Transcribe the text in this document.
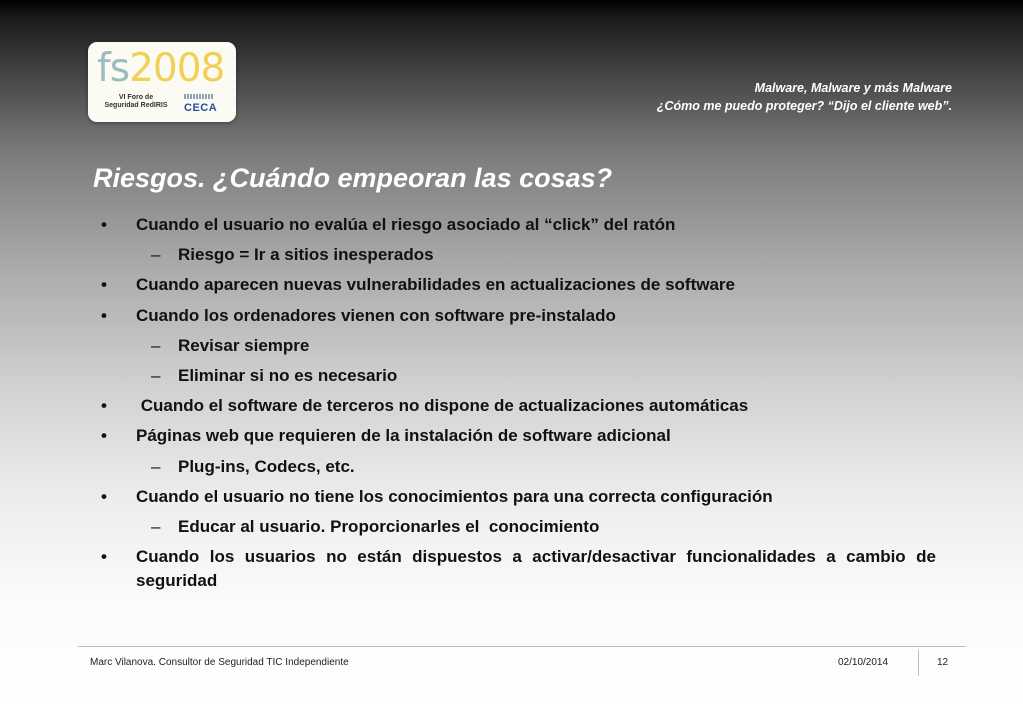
fs2008
VI Foro de
Seguridad RedIRIS	CECA
Malware, Malware y más Malware
¿Cómo me puedo proteger? “Dijo el cliente web”.
Riesgos. ¿Cuándo empeoran las cosas?
• Cuando el usuario no evalúa el riesgo asociado al “click” del ratón
– Riesgo = Ir a sitios inesperados
• Cuando aparecen nuevas vulnerabilidades en actualizaciones de software
• Cuando los ordenadores vienen con software pre-instalado
– Revisar siempre
– Eliminar si no es necesario
• Cuando el software de terceros no dispone de actualizaciones automáticas
• Páginas web que requieren de la instalación de software adicional
– Plug-ins, Codecs, etc.
• Cuando el usuario no tiene los conocimientos para una correcta configuración
– Educar al usuario. Proporcionarles el  conocimiento
• Cuando los usuarios no están dispuestos a activar/desactivar funcionalidades a cambio de seguridad
Marc Vilanova. Consultor de Seguridad TIC Independiente	02/10/2014	12
